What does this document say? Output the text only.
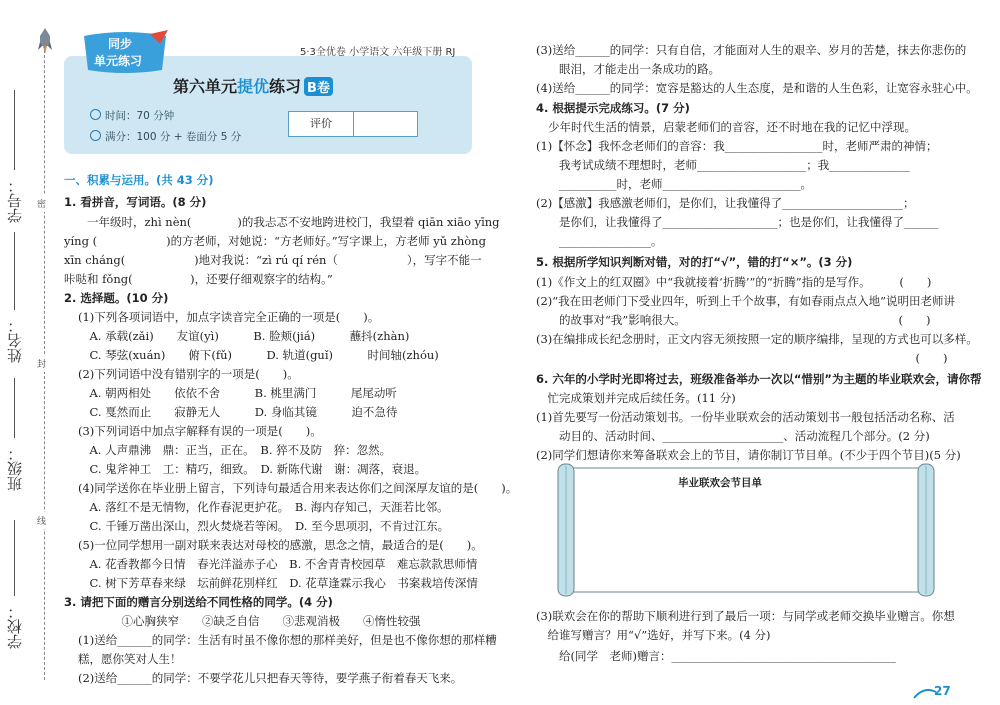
密
封
线
学号：
姓名：
班级：
学校：
同步
单元练习
5·3全优卷 小学语文 六年级下册 RJ
第六单元提优练习 B卷
时间：70 分钟
满分：100 分 + 卷面分 5 分
评价
一、积累与运用。(共 43 分)
1. 看拼音，写词语。(8 分)
　　一年级时，zhì nèn(　　　　)的我忐忑不安地跨进校门，我望着 qiān xiāo yīng
yíng (　　　　　　)的方老师，对她说：“方老师好。”写字课上，方老师 yǔ zhòng
xīn cháng(　　　　　　)地对我说：“zì rú qí rén（　　　　　　），写字不能一
咔哒和 fǒng(　　　　　)，还要仔细观察字的结构。”
2. 选择题。(10 分)
(1)下列各项词语中，加点字读音完全正确的一项是(　　)。
　A. 承载(zǎi)　　友谊(yì)　　　B. 脸颊(jiá)　　　蘸抖(zhàn)
　C. 琴弦(xuán)　　俯下(fǔ)　　　D. 轨道(guǐ)　　　时间轴(zhóu)
(2)下列词语中没有错别字的一项是(　　)。
　A. 朝两相处　　依依不舍　　　B. 桃里满门　　　尾尾动听
　C. 戛然而止　　寂静无人　　　D. 身临其镜　　　迫不急待
(3)下列词语中加点字解释有误的一项是(　　)。
　A. 人声鼎沸　鼎：正当，正在。　B. 猝不及防　猝：忽然。
　C. 鬼斧神工　工：精巧，细致。　D. 新陈代谢　谢：凋落，衰退。
(4)同学送你在毕业册上留言，下列诗句最适合用来表达你们之间深厚友谊的是(　　)。
　A. 落红不是无情物，化作春泥更护花。　B. 海内存知己，天涯若比邻。
　C. 千锤万凿出深山，烈火焚烧若等闲。　D. 至今思项羽，不肯过江东。
(5)一位同学想用一副对联来表达对母校的感激，思念之情，最适合的是(　　)。
　A. 花香教都今日情　春光洋溢赤子心　B. 不舍青青校园草　难忘款款思师情
　C. 树下芳草春来绿　坛前鲜花別样红　D. 花草逢霖示我心　书案栽培传深情
3. 请把下面的赠言分别送给不同性格的同学。(4 分)
　　　　　①心胸狭窄　　②缺乏自信　　③悲观消极　　④惰性较强
(1)送给______的同学：生活有时虽不像你想的那样美好，但是也不像你想的那样糟
糕，愿你笑对人生！
(2)送给______的同学：不要学花儿只把春天等待，要学燕子衔着春天飞来。
(3)送给______的同学：只有自信，才能面对人生的艰辛、岁月的苦楚，抹去你悲伤的
　　眼泪，才能走出一条成功的路。
(4)送给______的同学：宽容是豁达的人生态度，是和谐的人生色彩，让宽容永驻心中。
4. 根据提示完成练习。(7 分)
少年时代生活的情景，启蒙老师们的音容，还不时地在我的记忆中浮现。
(1)【怀念】我怀念老师们的音容：我_________________时，老师严肃的神情；
　　我考试成绩不理想时，老师___________________；我______________
　　__________时，老师________________________。
(2)【感激】我感激老师们，是你们，让我懂得了_____________________；
　　是你们，让我懂得了____________________；也是你们，让我懂得了______
　　________________。
5. 根据所学知识判断对错，对的打“√”，错的打“×”。(3 分)
(1)《作文上的红双圈》中“我就接着‘折腾’”的“折腾”指的是写作。　　　(　　)
(2)“我在田老师门下受业四年，听到上千个故事，有如春雨点点入地”说明田老师讲
　　的故事对“我”影响很大。　　　　　　　　　　　　　　　　　　　(　　)
(3)在编排成长纪念册时，正文内容无须按照一定的顺序编排，呈现的方式也可以多样。
　　　　　　　　　　　　　　　　　　　　　　　　　　　　　　　　　(　　)
6. 六年的小学时光即将过去，班级准备举办一次以“惜别”为主题的毕业联欢会，请你帮
　忙完成策划并完成后续任务。(11 分)
(1)首先要写一份活动策划书。一份毕业联欢会的活动策划书一般包括活动名称、活
　　动目的、活动时间、_____________________、活动流程几个部分。(2 分)
(2)同学们想请你来筹备联欢会上的节目，请你制订节目单。(不少于四个节目)(5 分)
毕业联欢会节目单
(3)联欢会在你的帮助下顺利进行到了最后一项：与同学或老师交换毕业赠言。你想
　给谁写赠言？用“√”选好，并写下来。(4 分)
　　给(同学　老师)赠言：_______________________________________
27
